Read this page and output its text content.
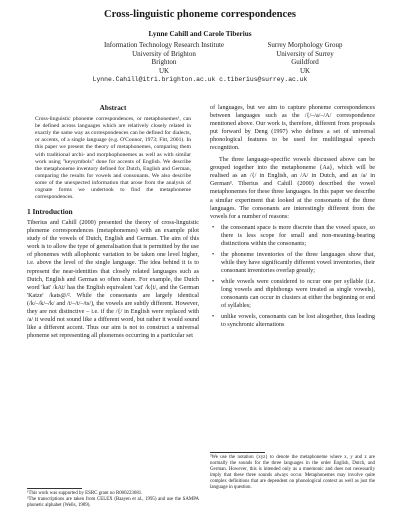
Cross-linguistic phoneme correspondences
Lynne Cahill and Carole Tiberius
Information Technology Research Institute
University of Brighton
Brighton
UK
Surrey Morphology Group
University of Surrey
Guildford
UK
Lynne.Cahill@itri.brighton.ac.uk c.tiberius@surrey.ac.uk
Abstract

Cross-linguistic phoneme correspondences, or metaphonemes¹, can be defined across languages which are relatively closely related in exactly the same way as correspondences can be defined for dialects, or accents, of a single language (e.g. O'Connor, 1973; Fitt, 2001). In this paper we present the theory of metaphonemes, comparing them with traditional archi- and morphophonemes as well as with similar work using "keysymbols" done for accents of English. We describe the metaphoneme inventory defined for Dutch, English and German, comparing the results for vowels and consonants. We also describe some of the unexpected information that arose from the analysis of cognate forms we undertook to find the metaphoneme correspondences.

1 Introduction

Tiberius and Cahill (2000) presented the theory of cross-linguistic phoneme correspondences (metaphonemes) with an example pilot study of the vowels of Dutch, English and German. The aim of this work is to allow the type of generalisation that is permitted by the use of phonemes with allophonic variation to be taken one level higher, i.e. above the level of the single language. The idea behind it is to represent the near-identities that closely related languages such as Dutch, English and German so often share. For example, the Dutch word 'kat' /kAt/ has the English equivalent 'cat' /k{t/, and the German 'Katze' /kats@/². While the consonants are largely identical (/k/–/k/–/k/ and /t/–/t/–/ts/), the vowels are subtly different. However, they are not distinctive – i.e. if the /{/ in English were replaced with /a/ it would not sound like a different word, but rather it would sound like a different accent. Thus our aim is not to construct a universal phoneme set representing all phonemes occurring in a particular set

of languages, but we aim to capture phoneme correspondences between languages such as the /{/–/a/–/A/ correspondence mentioned above. Our work is, therefore, different from proposals put forward by Deng (1997) who defines a set of universal phonological features to be used for multilingual speech recognition.

The three language-specific vowels discussed above can be grouped together into the metaphoneme {Aa}, which will be realised as an /{/ in English, an /A/ in Dutch, and an /a/ in German³. Tiberius and Cahill (2000) described the vowel metaphonemes for these three languages. In this paper we describe a similar experiment that looked at the consonants of the three languages. The consonants are interestingly different from the vowels for a number of reasons:

• the consonant space is more discrete than the vowel space, so there is less scope for small and non-meaning-bearing distinctions within the consonants;
• the phoneme inventories of the three languages show that, while they have significantly different vowel inventories, their consonant inventories overlap greatly;
• while vowels were considered to occur one per syllable (i.e. long vowels and diphthongs were treated as single vowels), consonants can occur in clusters at either the beginning or end of syllables;
• unlike vowels, consonants can be lost altogether, thus leading to synchronic alternations

¹This work was supported by ESRC grant no R000223681.

²The transcriptions are taken from CELEX (Baayen et al., 1995) and use the SAMPA phonetic alphabet (Wells, 1989).

³We use the notation {xyz} to denote the metaphoneme where x, y and z are normally the sounds for the three languages in the order English, Dutch, and German. However, this is intended only as a mnemonic and does not necessarily imply that these three sounds always occur. Metaphonemes may involve quite complex definitions that are dependent on phonological context as well as just the language in question.
